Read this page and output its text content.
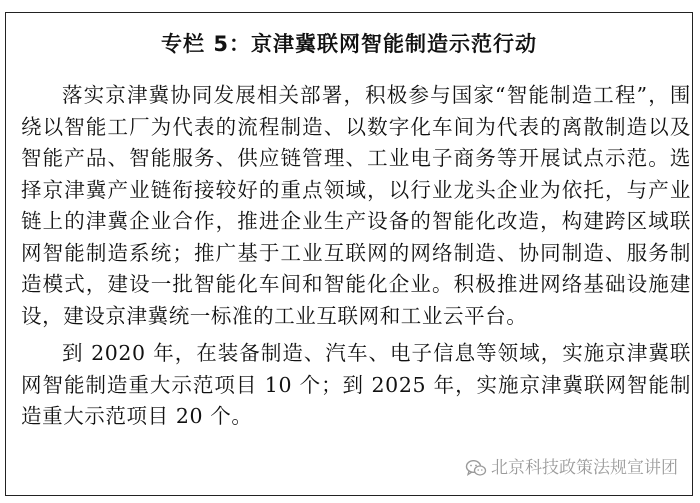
专栏 5：京津冀联网智能制造示范行动

落实京津冀协同发展相关部署，积极参与国家“智能制造工程”，围绕以智能工厂为代表的流程制造、以数字化车间为代表的离散制造以及智能产品、智能服务、供应链管理、工业电子商务等开展试点示范。选择京津冀产业链衔接较好的重点领域，以行业龙头企业为依托，与产业链上的津冀企业合作，推进企业生产设备的智能化改造，构建跨区域联网智能制造系统；推广基于工业互联网的网络制造、协同制造、服务制造模式，建设一批智能化车间和智能化企业。积极推进网络基础设施建设，建设京津冀统一标准的工业互联网和工业云平台。

到 2020 年，在装备制造、汽车、电子信息等领域，实施京津冀联网智能制造重大示范项目 10 个；到 2025 年，实施京津冀联网智能制造重大示范项目 20 个。

北京科技政策法规宣讲团
